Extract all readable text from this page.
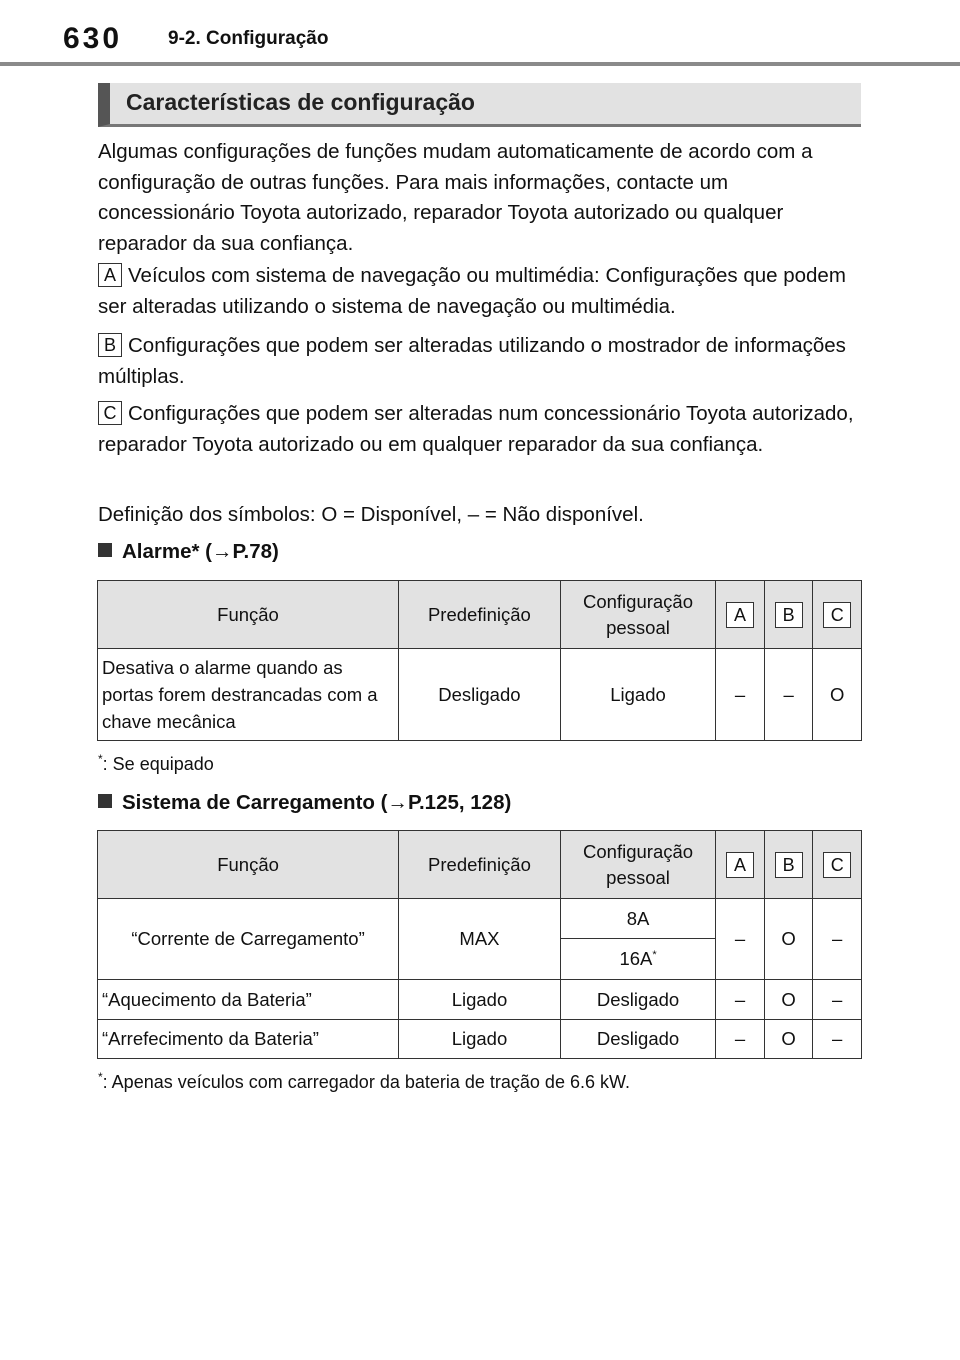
630 9-2. Configuração
Características de configuração

Algumas configurações de funções mudam automaticamente de acordo com a configuração de outras funções. Para mais informações, contacte um concessionário Toyota autorizado, reparador Toyota autorizado ou qualquer reparador da sua confiança.

A Veículos com sistema de navegação ou multimédia: Configurações que podem ser alteradas utilizando o sistema de navegação ou multimédia.

B Configurações que podem ser alteradas utilizando o mostrador de informações múltiplas.

C Configurações que podem ser alteradas num concessionário Toyota autorizado, reparador Toyota autorizado ou em qualquer reparador da sua confiança.

Definição dos símbolos: O = Disponível, – = Não disponível.

Alarme* (→P.78)
Função	Predefinição	Configuração pessoal	A	B	C
Desativa o alarme quando as portas forem destrancadas com a chave mecânica	Desligado	Ligado	–	–	O
*: Se equipado
Sistema de Carregamento (→P.125, 128)
Função	Predefinição	Configuração pessoal	A	B	C
“Corrente de Carregamento”	MAX	8A	–	O	–
		16A*
“Aquecimento da Bateria”	Ligado	Desligado	–	O	–
“Arrefecimento da Bateria”	Ligado	Desligado	–	O	–
*: Apenas veículos com carregador da bateria de tração de 6.6 kW.
